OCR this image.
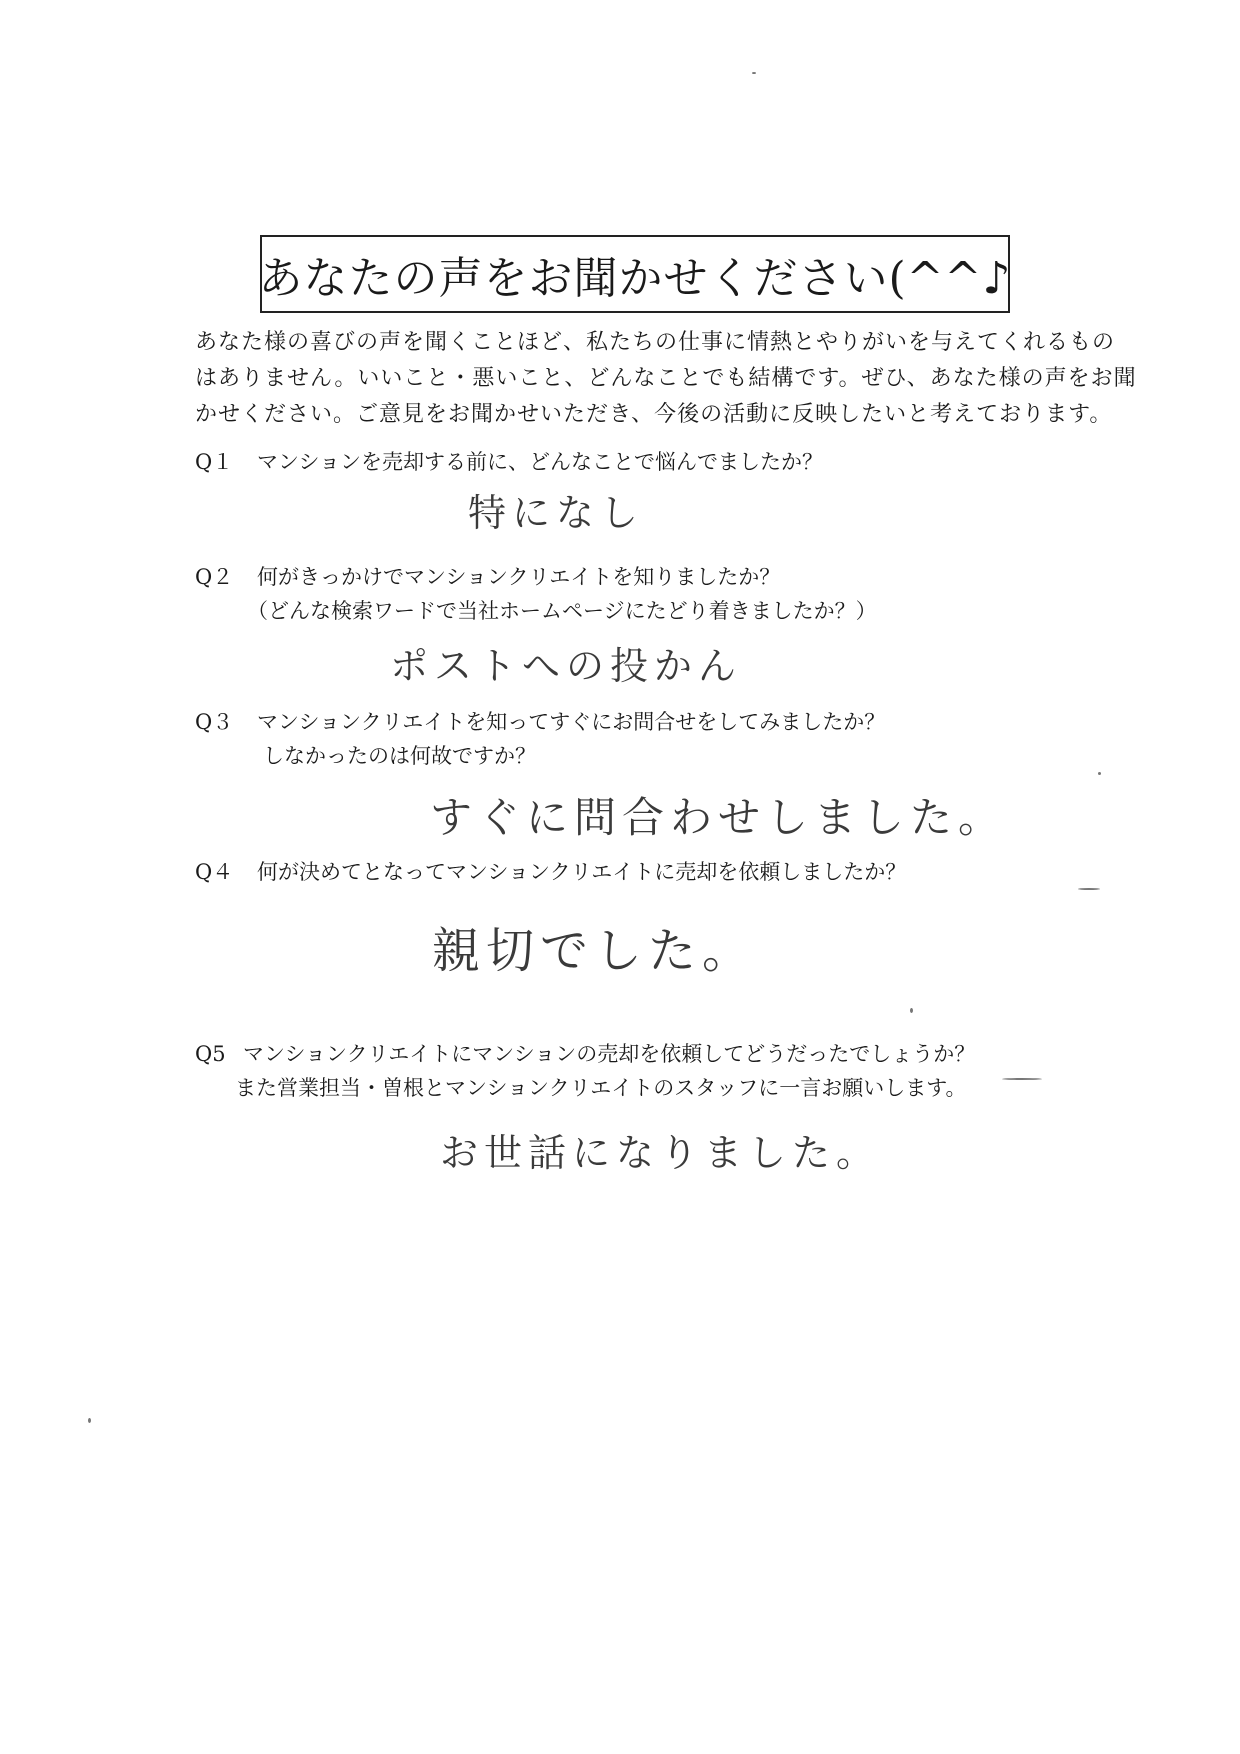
あなたの声をお聞かせください(^^♪

あなた様の喜びの声を聞くことほど、私たちの仕事に情熱とやりがいを与えてくれるもの

はありません。いいこと・悪いこと、どんなことでも結構です。ぜひ、あなた様の声をお聞

かせください。ご意見をお聞かせいただき、今後の活動に反映したいと考えております。

Q１ マンションを売却する前に、どんなことで悩んでましたか？
特になし
Q２ 何がきっかけでマンションクリエイトを知りましたか？
（どんな検索ワードで当社ホームページにたどり着きましたか？）
ポストへの投かん
Q３ マンションクリエイトを知ってすぐにお問合せをしてみましたか？
しなかったのは何故ですか？
すぐに問合わせしました。
Q４ 何が決めてとなってマンションクリエイトに売却を依頼しましたか？
親切でした。
Q5 マンションクリエイトにマンションの売却を依頼してどうだったでしょうか？
また営業担当・曽根とマンションクリエイトのスタッフに一言お願いします。
お世話になりました。
